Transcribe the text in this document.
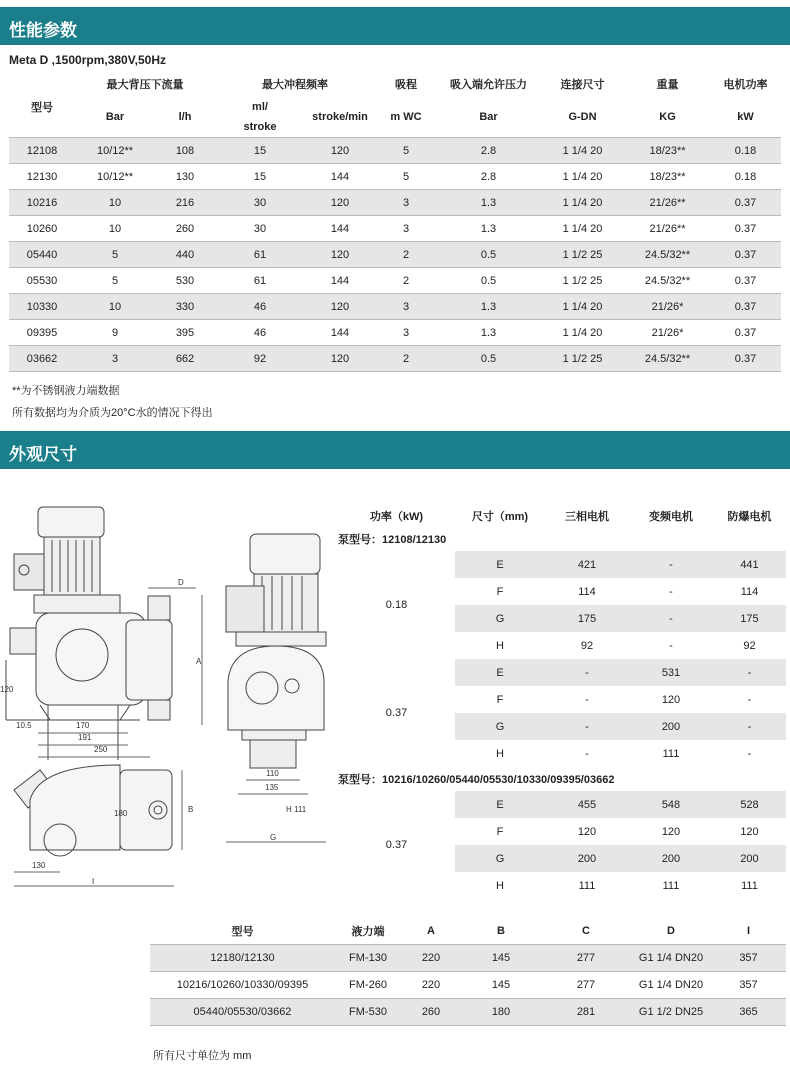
性能参数
Meta D ,1500rpm,380V,50Hz
型号	最大背压下流量		最大冲程频率		吸程	吸入端允许压力	连接尺寸	重量	电机功率
	Bar	l/h	ml/
stroke	stroke/min	m WC	Bar	G-DN	KG	kW
12108	10/12**	108	15	120	5	2.8	1 1/4 20	18/23**	0.18
12130	10/12**	130	15	144	5	2.8	1 1/4 20	18/23**	0.18
10216	10	216	30	120	3	1.3	1 1/4 20	21/26**	0.37
10260	10	260	30	144	3	1.3	1 1/4 20	21/26**	0.37
05440	5	440	61	120	2	0.5	1 1/2 25	24.5/32**	0.37
05530	5	530	61	144	2	0.5	1 1/2 25	24.5/32**	0.37
10330	10	330	46	120	3	1.3	1 1/4 20	21/26*	0.37
09395	9	395	46	144	3	1.3	1 1/4 20	21/26*	0.37
03662	3	662	92	120	2	0.5	1 1/2 25	24.5/32**	0.37
**为不锈钢液力端数据
所有数据均为介质为20°C水的情况下得出
外观尺寸
120
10.5	170
191
250
D
A
110
135
H 111
G
180	B
130
I
功率（kW)	尺寸（mm)	三相电机	变频电机	防爆电机
泵型号：12108/12130				
0.18	E	421	-	441
	F	114	-	114
	G	175	-	175
	H	92	-	92
0.37	E	-	531	-
	F	-	120	-
	G	-	200	-
	H	-	111	-
泵型号：10216/10260/05440/05530/10330/09395/03662				
0.37	E	455	548	528
	F	120	120	120
	G	200	200	200
	H	111	111	111
型号	液力端	A	B	C	D	I
12180/12130	FM-130	220	145	277	G1 1/4 DN20	357
10216/10260/10330/09395	FM-260	220	145	277	G1 1/4 DN20	357
05440/05530/03662	FM-530	260	180	281	G1 1/2 DN25	365
所有尺寸单位为 mm
